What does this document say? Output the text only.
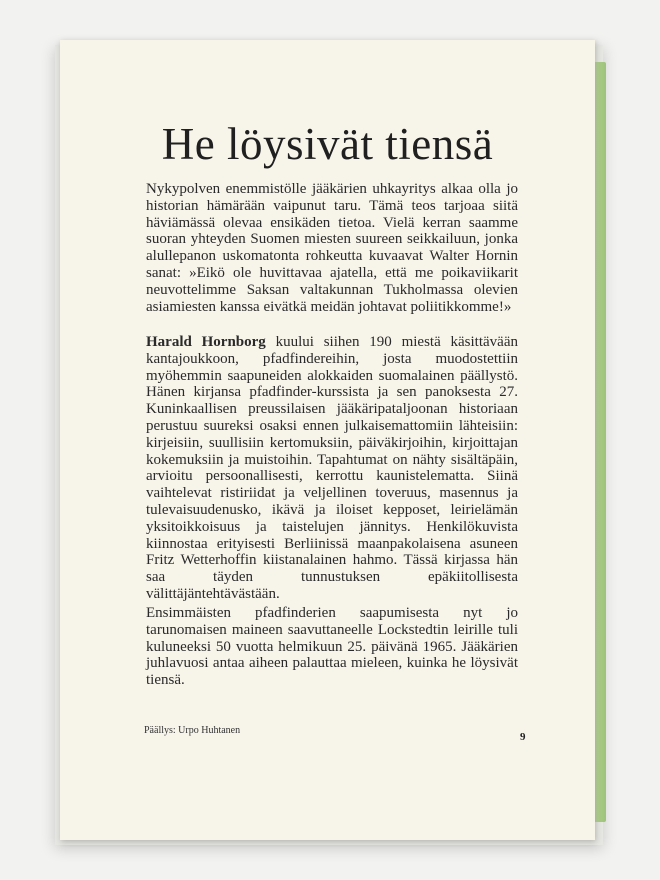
He löysivät tiensä

Nykypolven enemmistölle jääkärien uhkayritys alkaa olla jo historian hämärään vaipunut taru. Tämä teos tarjoaa siitä häviämässä olevaa ensikäden tietoa. Vielä kerran saamme suoran yhteyden Suomen miesten suureen seikkailuun, jonka alullepanon uskomatonta rohkeutta kuvaavat Walter Hornin sanat: »Eikö ole huvittavaa ajatella, että me poikaviikarit neuvottelimme Saksan valtakunnan Tukholmassa olevien asiamiesten kanssa eivätkä meidän johtavat poliitikkomme!»

Harald Hornborg kuului siihen 190 miestä käsittävään kantajoukkoon, pfadfindereihin, josta muodostettiin myöhemmin saapuneiden alokkaiden suomalainen päällystö. Hänen kirjansa pfadfinder-kurssista ja sen panoksesta 27. Kuninkaallisen preussilaisen jääkäripataljoonan historiaan perustuu suureksi osaksi ennen julkaisemattomiin lähteisiin: kirjeisiin, suullisiin kertomuksiin, päiväkirjoihin, kirjoittajan kokemuksiin ja muistoihin. Tapahtumat on nähty sisältäpäin, arvioitu persoonallisesti, kerrottu kaunistelematta. Siinä vaihtelevat ristiriidat ja veljellinen toveruus, masennus ja tulevaisuudenusko, ikävä ja iloiset kepposet, leirielämän yksitoikkoisuus ja taistelujen jännitys. Henkilökuvista kiinnostaa erityisesti Berliinissä maanpakolaisena asuneen Fritz Wetterhoffin kiistanalainen hahmo. Tässä kirjassa hän saa täyden tunnustuksen epäkiitollisesta välittäjäntehtävästään.

Ensimmäisten pfadfinderien saapumisesta nyt jo tarunomaisen maineen saavuttaneelle Lockstedtin leirille tuli kuluneeksi 50 vuotta helmikuun 25. päivänä 1965. Jääkärien juhlavuosi antaa aiheen palauttaa mieleen, kuinka he löysivät tiensä.

Päällys: Urpo Huhtanen

9
